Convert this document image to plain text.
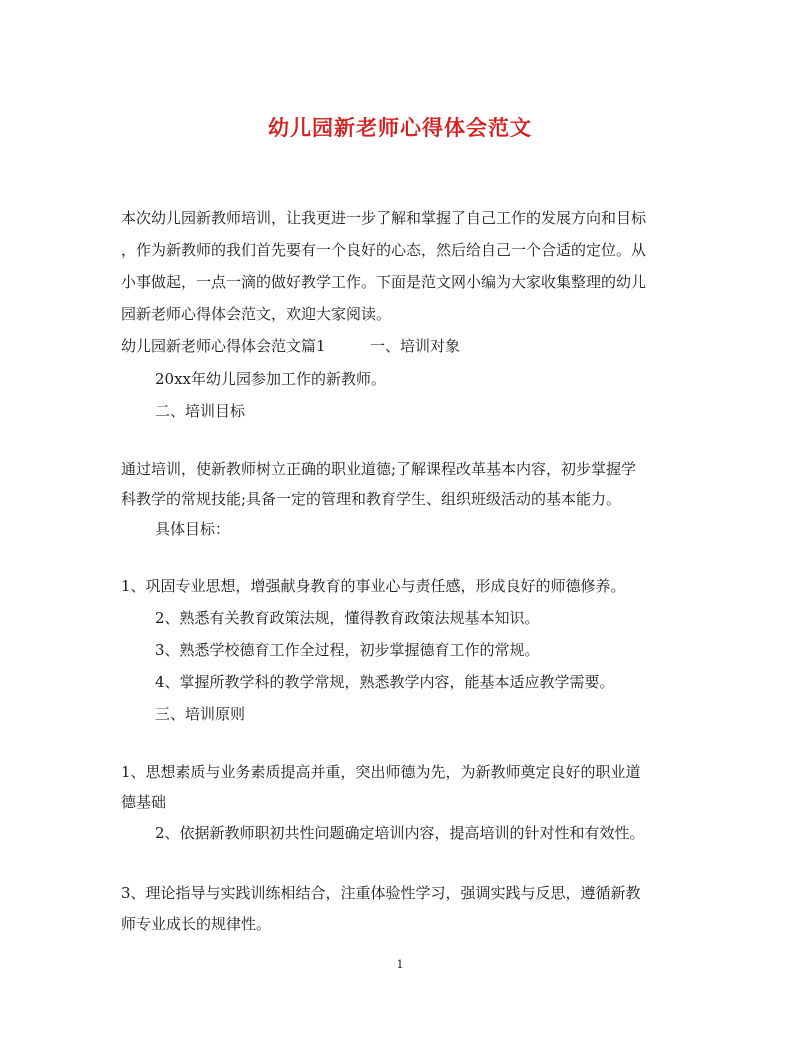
幼儿园新老师心得体会范文
本次幼儿园新教师培训，让我更进一步了解和掌握了自己工作的发展方向和目标
，作为新教师的我们首先要有一个良好的心态，然后给自己一个合适的定位。从
小事做起，一点一滴的做好教学工作。下面是范文网小编为大家收集整理的幼儿
园新老师心得体会范文，欢迎大家阅读。
幼儿园新老师心得体会范文篇1	一、培训对象
20xx年幼儿园参加工作的新教师。
二、培训目标
通过培训，使新教师树立正确的职业道德;了解课程改革基本内容，初步掌握学
科教学的常规技能;具备一定的管理和教育学生、组织班级活动的基本能力。
具体目标：
1、巩固专业思想，增强献身教育的事业心与责任感，形成良好的师德修养。
2、熟悉有关教育政策法规，懂得教育政策法规基本知识。
3、熟悉学校德育工作全过程，初步掌握德育工作的常规。
4、掌握所教学科的教学常规，熟悉教学内容，能基本适应教学需要。
三、培训原则
1、思想素质与业务素质提高并重，突出师德为先，为新教师奠定良好的职业道
德基础
2、依据新教师职初共性问题确定培训内容，提高培训的针对性和有效性。
3、理论指导与实践训练相结合，注重体验性学习，强调实践与反思，遵循新教
师专业成长的规律性。
1
